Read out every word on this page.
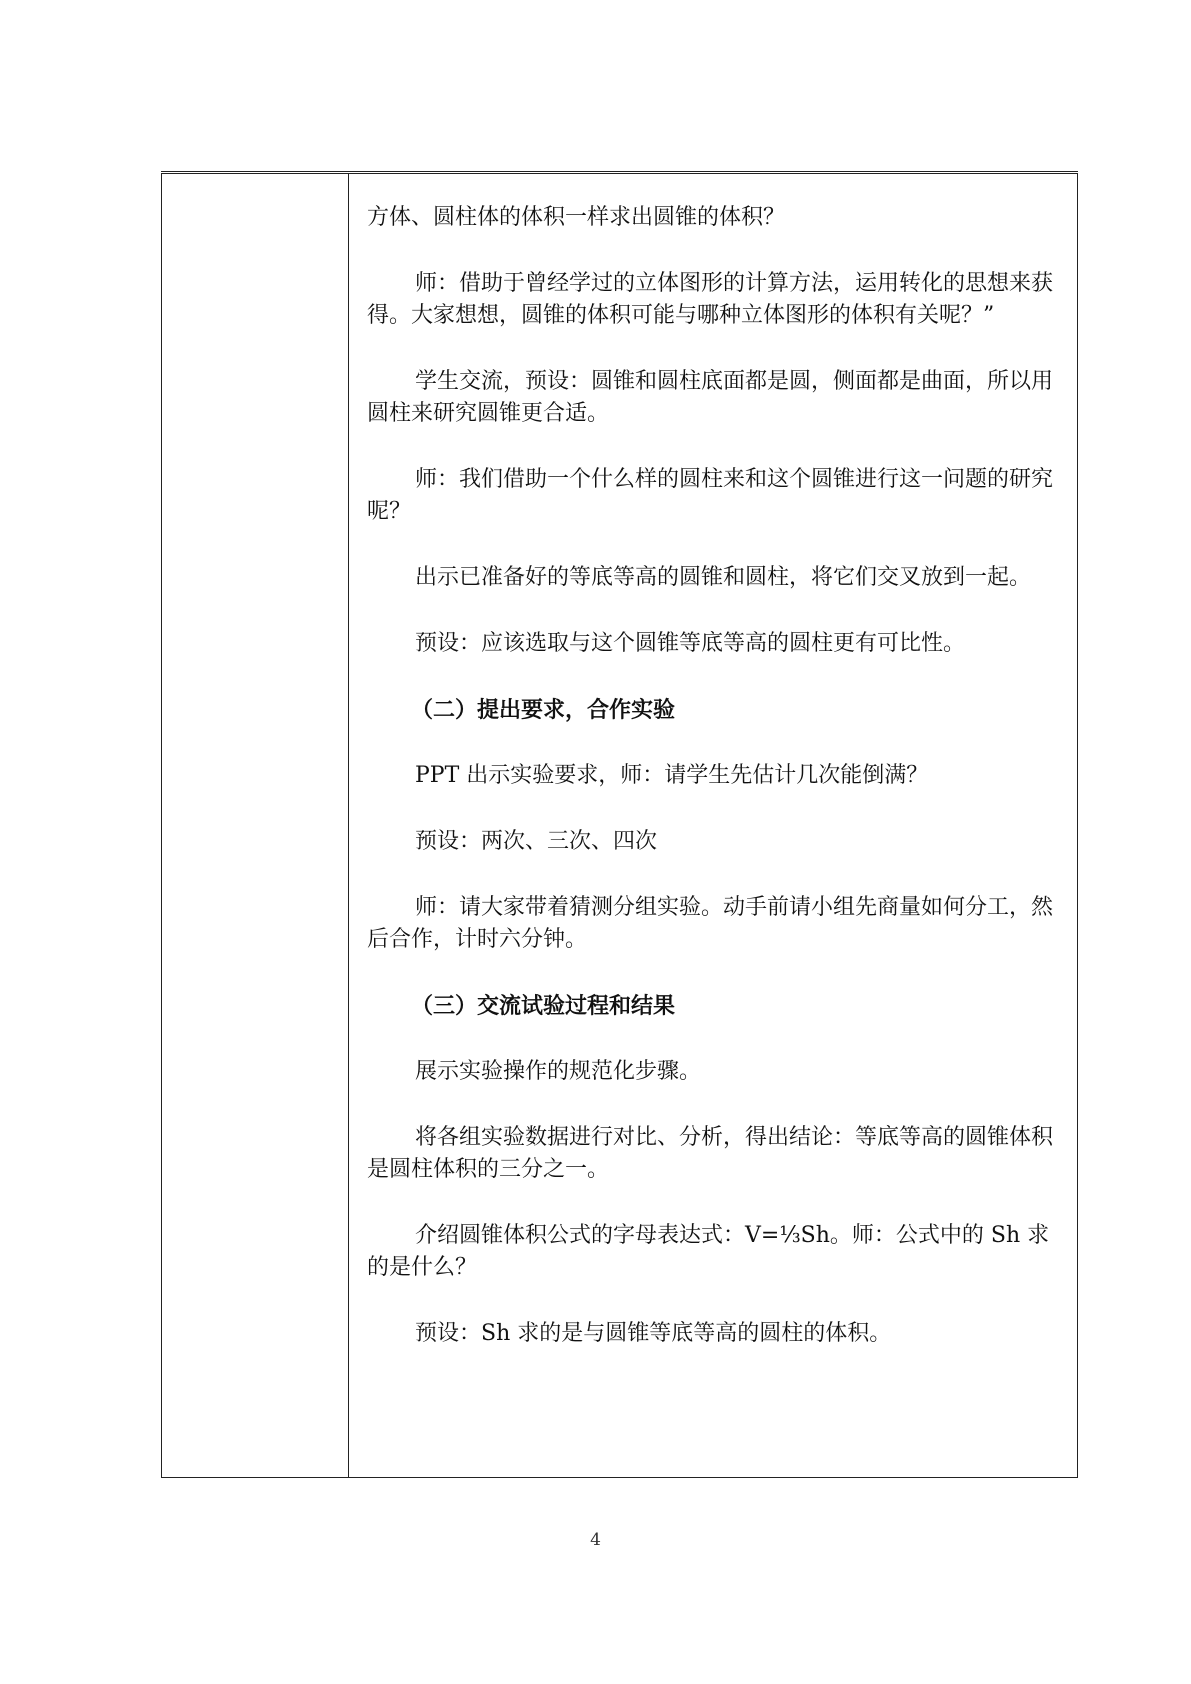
方体、圆柱体的体积一样求出圆锥的体积？

师：借助于曾经学过的立体图形的计算方法，运用转化的思想来获得。大家想想，圆锥的体积可能与哪种立体图形的体积有关呢？”

学生交流，预设：圆锥和圆柱底面都是圆，侧面都是曲面，所以用圆柱来研究圆锥更合适。

师：我们借助一个什么样的圆柱来和这个圆锥进行这一问题的研究呢？

出示已准备好的等底等高的圆锥和圆柱，将它们交叉放到一起。

预设：应该选取与这个圆锥等底等高的圆柱更有可比性。

（二）提出要求，合作实验

PPT 出示实验要求，师：请学生先估计几次能倒满？

预设：两次、三次、四次

师：请大家带着猜测分组实验。动手前请小组先商量如何分工，然后合作，计时六分钟。

（三）交流试验过程和结果

展示实验操作的规范化步骤。

将各组实验数据进行对比、分析，得出结论：等底等高的圆锥体积是圆柱体积的三分之一。

介绍圆锥体积公式的字母表达式：V=⅓Sh。师：公式中的 Sh 求的是什么？

预设：Sh 求的是与圆锥等底等高的圆柱的体积。

4
